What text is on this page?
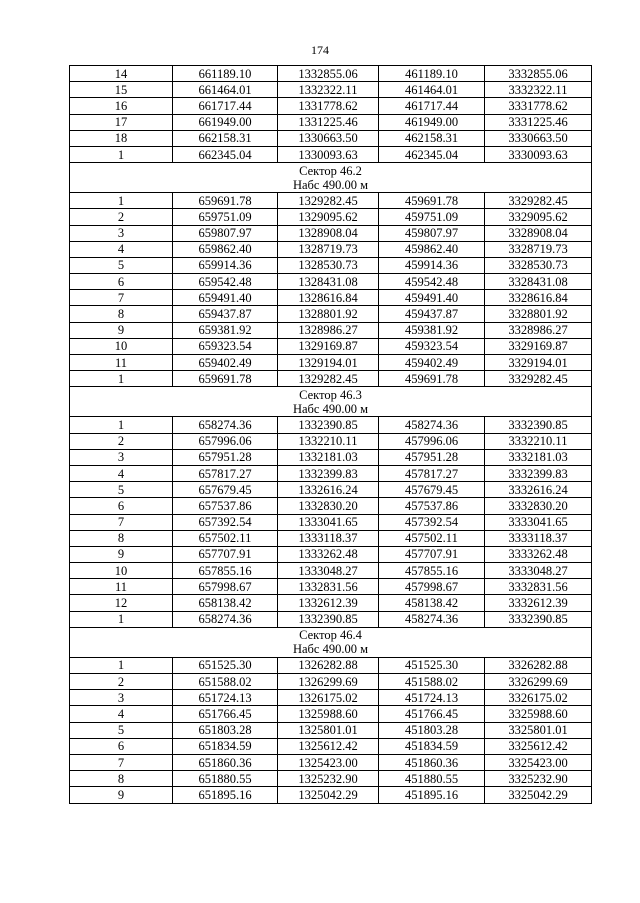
174
14	661189.10	1332855.06	461189.10	3332855.06
15	661464.01	1332322.11	461464.01	3332322.11
16	661717.44	1331778.62	461717.44	3331778.62
17	661949.00	1331225.46	461949.00	3331225.46
18	662158.31	1330663.50	462158.31	3330663.50
1	662345.04	1330093.63	462345.04	3330093.63

Сектор 46.2
Набс 490.00 м				

1	659691.78	1329282.45	459691.78	3329282.45
2	659751.09	1329095.62	459751.09	3329095.62
3	659807.97	1328908.04	459807.97	3328908.04
4	659862.40	1328719.73	459862.40	3328719.73
5	659914.36	1328530.73	459914.36	3328530.73
6	659542.48	1328431.08	459542.48	3328431.08
7	659491.40	1328616.84	459491.40	3328616.84
8	659437.87	1328801.92	459437.87	3328801.92
9	659381.92	1328986.27	459381.92	3328986.27
10	659323.54	1329169.87	459323.54	3329169.87
11	659402.49	1329194.01	459402.49	3329194.01
1	659691.78	1329282.45	459691.78	3329282.45

Сектор 46.3
Набс 490.00 м				

1	658274.36	1332390.85	458274.36	3332390.85
2	657996.06	1332210.11	457996.06	3332210.11
3	657951.28	1332181.03	457951.28	3332181.03
4	657817.27	1332399.83	457817.27	3332399.83
5	657679.45	1332616.24	457679.45	3332616.24
6	657537.86	1332830.20	457537.86	3332830.20
7	657392.54	1333041.65	457392.54	3333041.65
8	657502.11	1333118.37	457502.11	3333118.37
9	657707.91	1333262.48	457707.91	3333262.48
10	657855.16	1333048.27	457855.16	3333048.27
11	657998.67	1332831.56	457998.67	3332831.56
12	658138.42	1332612.39	458138.42	3332612.39
1	658274.36	1332390.85	458274.36	3332390.85

Сектор 46.4
Набс 490.00 м				

1	651525.30	1326282.88	451525.30	3326282.88
2	651588.02	1326299.69	451588.02	3326299.69
3	651724.13	1326175.02	451724.13	3326175.02
4	651766.45	1325988.60	451766.45	3325988.60
5	651803.28	1325801.01	451803.28	3325801.01
6	651834.59	1325612.42	451834.59	3325612.42
7	651860.36	1325423.00	451860.36	3325423.00
8	651880.55	1325232.90	451880.55	3325232.90
9	651895.16	1325042.29	451895.16	3325042.29
